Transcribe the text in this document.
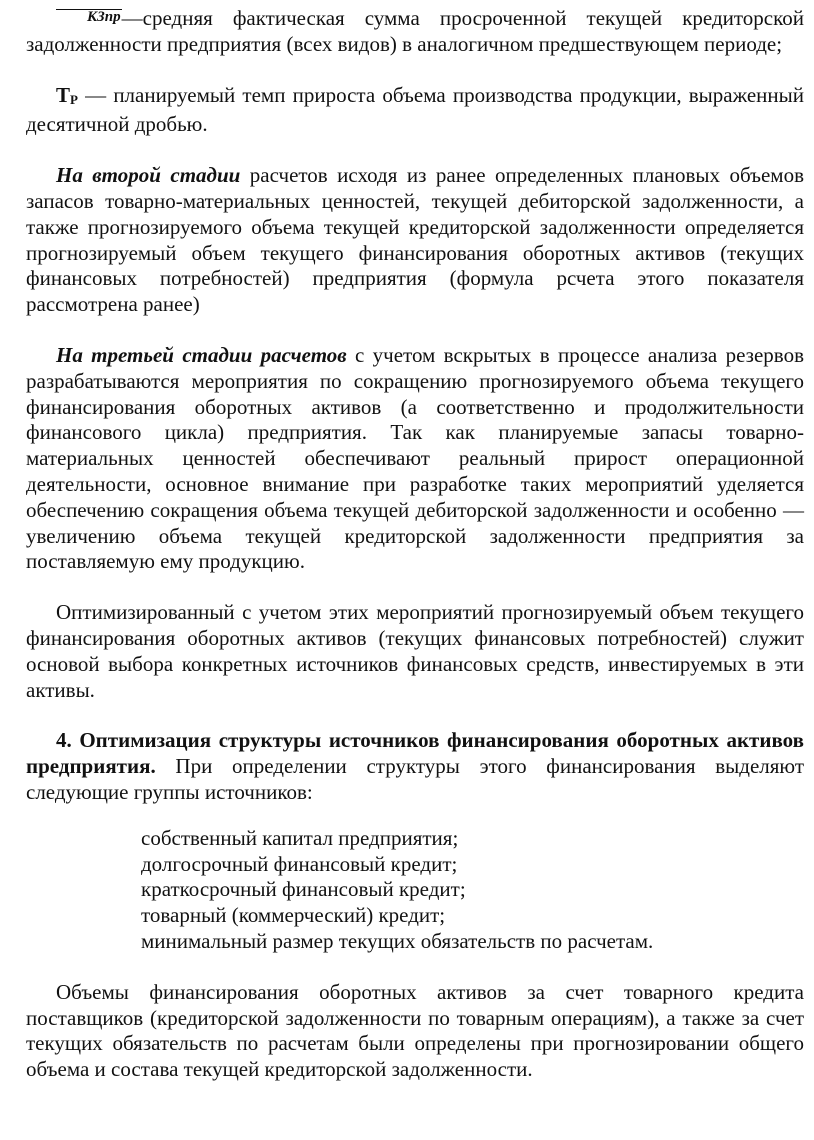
КЗпр—средняя фактическая сумма просроченной текущей кредиторской задолженности предприятия (всех видов) в аналогичном предшествующем периоде;

$Т_Р$ — планируемый темп прироста объема производства продукции, выраженный десятичной дробью.

На второй стадии расчетов исходя из ранее определенных плановых объемов запасов товарно-материальных ценностей, текущей дебиторской задолженности, а также прогнозируемого объема текущей кредиторской задолженности определяется прогнозируемый объем текущего финансирования оборотных активов (текущих финансовых потребностей) предприятия (формула рсчета этого показателя рассмотрена ранее)

На третьей стадии расчетов с учетом вскрытых в процессе анализа резервов разрабатываются мероприятия по сокращению прогнозируемого объема текущего финансирования оборотных активов (а соответственно и продолжительности финансового цикла) предприятия. Так как планируемые запасы товарно-материальных ценностей обеспечивают реальный прирост операционной деятельности, основное внимание при разработке таких мероприятий уделяется обеспечению сокращения объема текущей дебиторской задолженности и особенно — увеличению объема текущей кредиторской задолженности предприятия за поставляемую ему продукцию.

Оптимизированный с учетом этих мероприятий прогнозируемый объем текущего финансирования оборотных активов (текущих финансовых потребностей) служит основой выбора конкретных источников финансовых средств, инвестируемых в эти активы.

4. Оптимизация структуры источников финансирования оборотных активов предприятия. При определении структуры этого финансирования выделяют следующие группы источников:

собственный капитал предприятия;
долгосрочный финансовый кредит;
краткосрочный финансовый кредит;
товарный (коммерческий) кредит;
минимальный размер текущих обязательств по расчетам.

Объемы финансирования оборотных активов за счет товарного кредита поставщиков (кредиторской задолженности по товарным операциям), а также за счет текущих обязательств по расчетам были определены при прогнозировании общего объема и состава текущей кредиторской задолженности.
